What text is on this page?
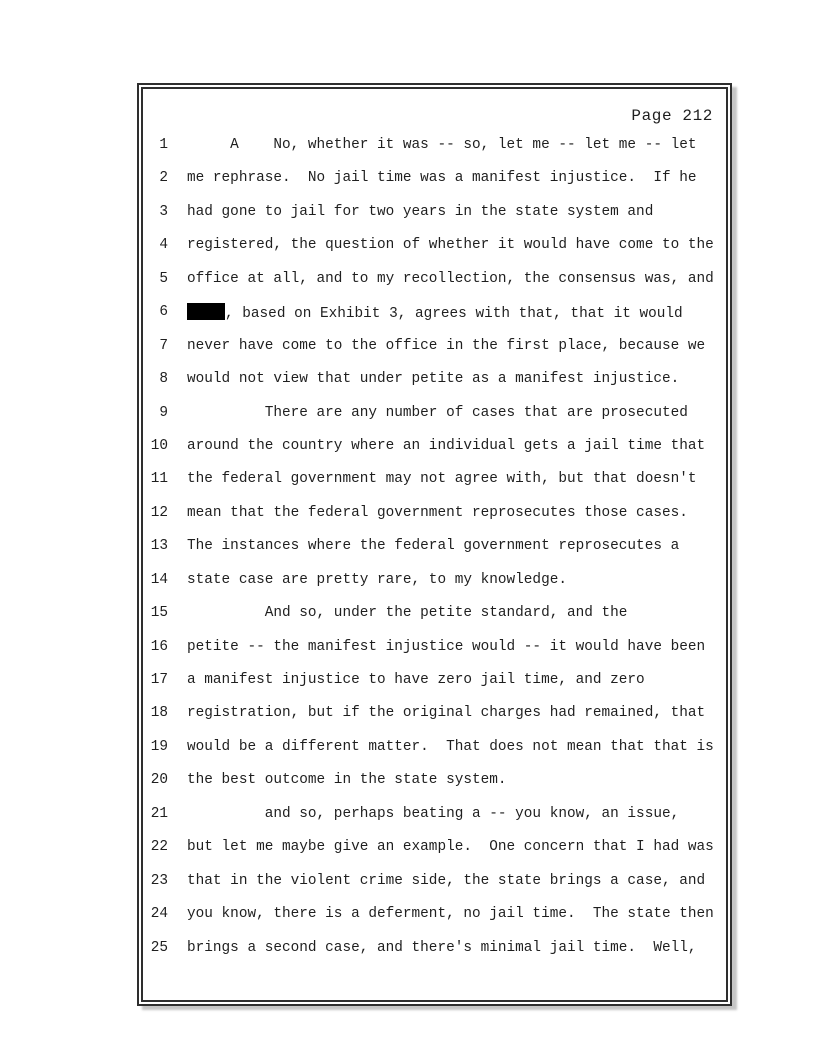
Page 212
1 A    No, whether it was -- so, let me -- let me -- let
2 me rephrase.  No jail time was a manifest injustice.  If he
3 had gone to jail for two years in the state system and
4 registered, the question of whether it would have come to the
5 office at all, and to my recollection, the consensus was, and
6	, based on Exhibit 3, agrees with that, that it would
7 never have come to the office in the first place, because we
8 would not view that under petite as a manifest injustice.
9 There are any number of cases that are prosecuted
10 around the country where an individual gets a jail time that
11 the federal government may not agree with, but that doesn't
12 mean that the federal government reprosecutes those cases.
13 The instances where the federal government reprosecutes a
14 state case are pretty rare, to my knowledge.
15 And so, under the petite standard, and the
16 petite -- the manifest injustice would -- it would have been
17 a manifest injustice to have zero jail time, and zero
18 registration, but if the original charges had remained, that
19 would be a different matter.  That does not mean that that is
20 the best outcome in the state system.
21 and so, perhaps beating a -- you know, an issue,
22 but let me maybe give an example.  One concern that I had was
23 that in the violent crime side, the state brings a case, and
24 you know, there is a deferment, no jail time.  The state then
25 brings a second case, and there's minimal jail time.  Well,
